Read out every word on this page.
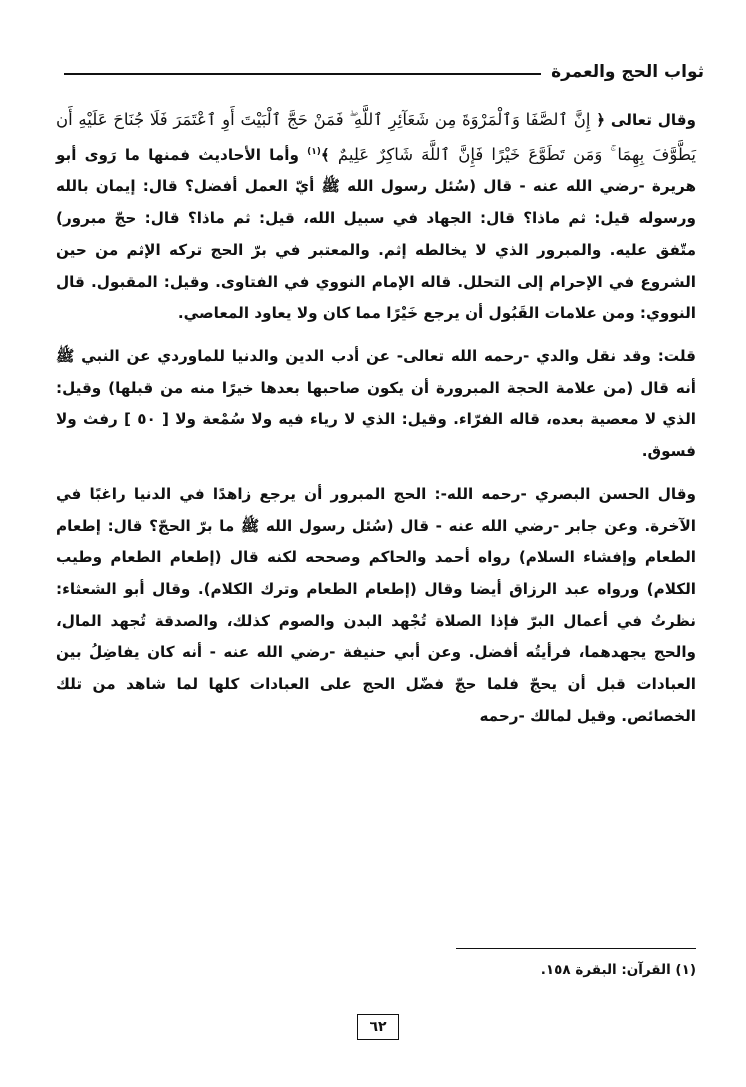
ثواب الحج والعمرة

وقال تعالى ﴿ إِنَّ ٱلصَّفَا وَٱلْمَرْوَةَ مِن شَعَآئِرِ ٱللَّهِ ۖ فَمَنْ حَجَّ ٱلْبَيْتَ أَوِ ٱعْتَمَرَ فَلَا جُنَاحَ عَلَيْهِ أَن يَطَّوَّفَ بِهِمَا ۚ وَمَن تَطَوَّعَ خَيْرًا فَإِنَّ ٱللَّهَ شَاكِرٌ عَلِيمٌ ﴾$^{(١)}$ وأما الأحاديث فمنها ما رَوى أبو هريرة -رضي الله عنه - قال (سُئل رسول الله ﷺ أيّ العمل أفضل؟ قال: إيمان بالله ورسوله قيل: ثم ماذا؟ قال: الجهاد في سبيل الله، قيل: ثم ماذا؟ قال: حجّ مبرور) متّفق عليه. والمبرور الذي لا يخالطه إثم. والمعتبر في برّ الحج تركه الإثم من حين الشروع في الإحرام إلى التحلل. قاله الإمام النووي في الفتاوى. وقيل: المقبول. قال النووي: ومن علامات القَبُول أن يرجع خَيْرًا مما كان ولا يعاود المعاصي.

قلت: وقد نقل والدي -رحمه الله تعالى- عن أدب الدين والدنيا للماوردي عن النبي ﷺ أنه قال (من علامة الحجة المبرورة أن يكون صاحبها بعدها خيرًا منه من قبلها) وقيل: الذي لا معصية بعده، قاله الفرّاء. وقيل: الذي لا رياء فيه ولا سُمْعة ولا [ ٥٠ ] رفث ولا فسوق.

وقال الحسن البصري -رحمه الله-: الحج المبرور أن يرجع زاهدًا في الدنيا راغبًا في الآخرة. وعن جابر -رضي الله عنه - قال (سُئل رسول الله ﷺ ما برّ الحجّ؟ قال: إطعام الطعام وإفشاء السلام) رواه أحمد والحاكم وصححه لكنه قال (إطعام الطعام وطيب الكلام) ورواه عبد الرزاق أيضا وقال (إطعام الطعام وترك الكلام). وقال أبو الشعثاء: نظرتُ في أعمال البرّ فإذا الصلاة تُجْهد البدن والصوم كذلك، والصدقة تُجهد المال، والحج يجهدهما، فرأيتُه أفضل. وعن أبي حنيفة -رضي الله عنه - أنه كان يفاضِلُ بين العبادات قبل أن يحجّ فلما حجّ فضّل الحج على العبادات كلها لما شاهد من تلك الخصائص. وقيل لمالك -رحمه

(١) القرآن: البقرة ١٥٨.
٦٢
